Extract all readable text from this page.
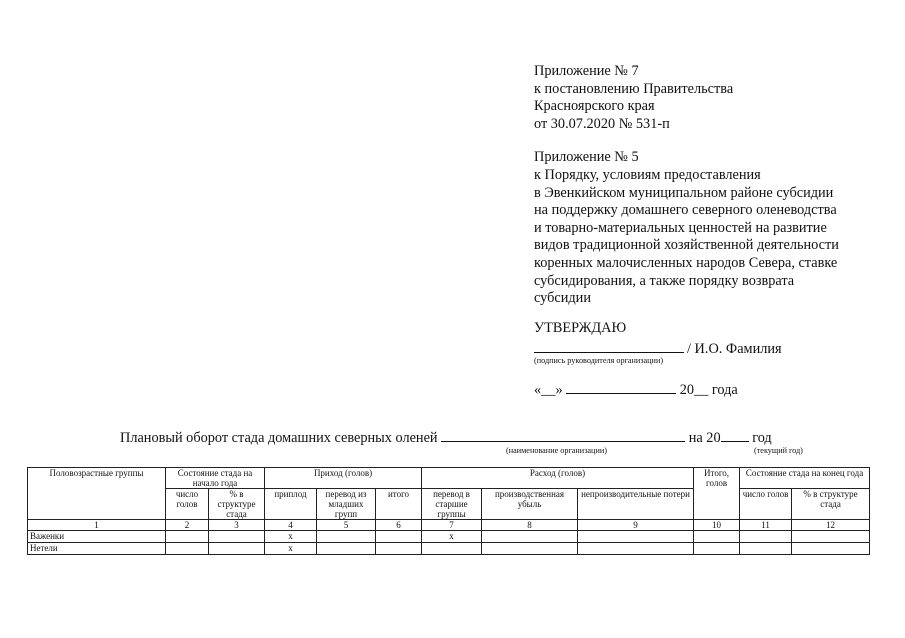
Приложение № 7
к постановлению Правительства
Красноярского края
от 30.07.2020 № 531-п
Приложение № 5
к Порядку, условиям предоставления
в Эвенкийском муниципальном районе субсидии
на поддержку домашнего северного оленеводства
и товарно-материальных ценностей на развитие
видов традиционной хозяйственной деятельности
коренных малочисленных народов Севера, ставке
субсидирования, а также порядку возврата
субсидии
УТВЕРЖДАЮ
/ И.О. Фамилия
(подпись руководителя организации)
«__»	20__ года
Плановый оборот стада домашних северных оленей	на 20 год
(наименование организации)	(текущий год)
Половозрастные группы	Состояние стада на начало года		Приход (голов)			Расход (голов)			Итого, голов	Состояние стада на конец года	
	число голов	% в структуре стада	приплод	перевод из младших групп	итого	перевод в старшие группы	производственная убыль	непроизводительные потери		число голов	% в структуре стада
1	2	3	4	5	6	7	8	9	10	11	12
Важенки			х			х					
Нетели			х								
